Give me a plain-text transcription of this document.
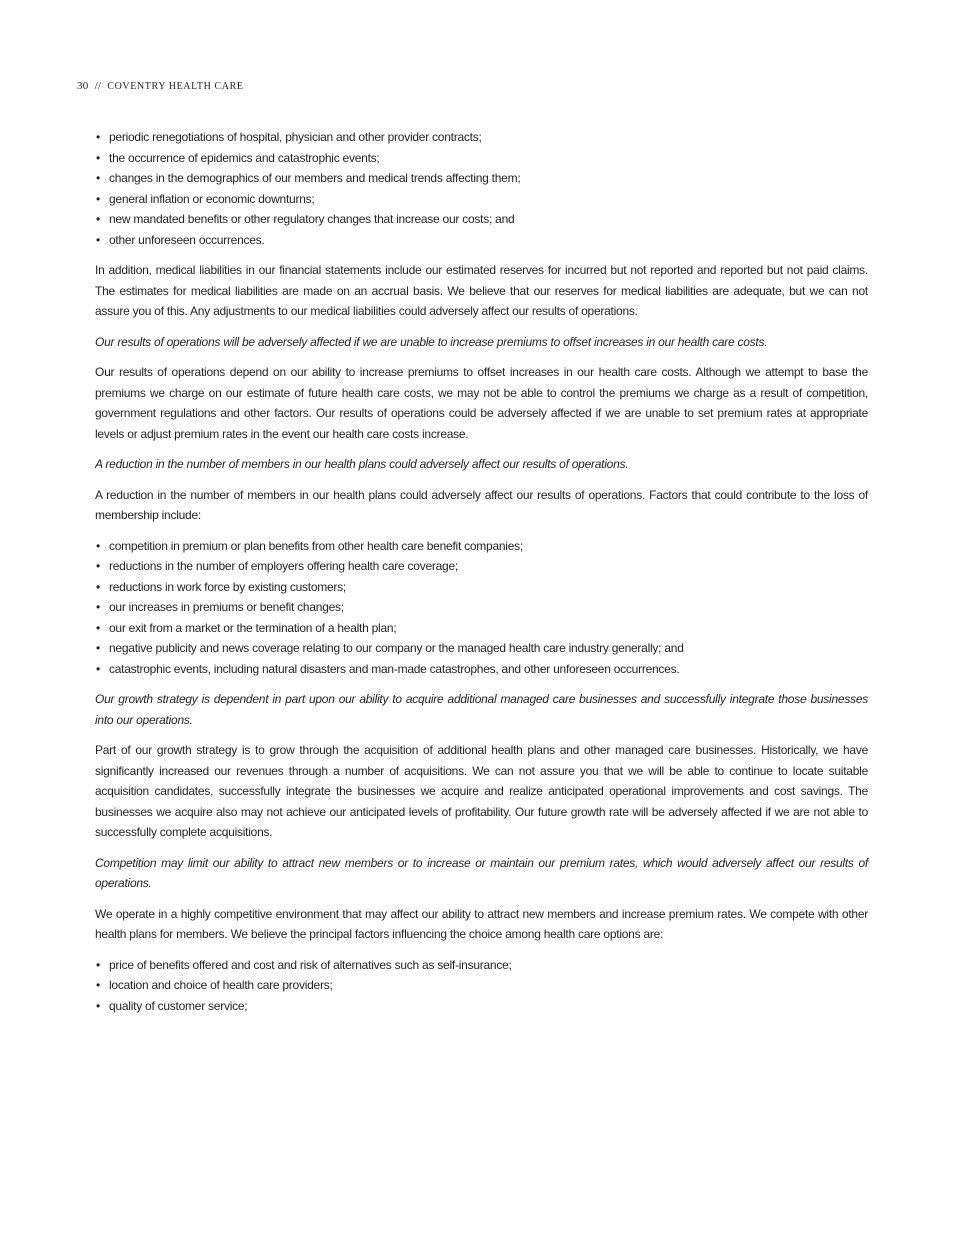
30 // COVENTRY HEALTH CARE
• periodic renegotiations of hospital, physician and other provider contracts;
• the occurrence of epidemics and catastrophic events;
• changes in the demographics of our members and medical trends affecting them;
• general inflation or economic downturns;
• new mandated benefits or other regulatory changes that increase our costs; and
• other unforeseen occurrences.

In addition, medical liabilities in our financial statements include our estimated reserves for incurred but not reported and reported but not paid claims. The estimates for medical liabilities are made on an accrual basis. We believe that our reserves for medical liabilities are adequate, but we can not assure you of this. Any adjustments to our medical liabilities could adversely affect our results of operations.

Our results of operations will be adversely affected if we are unable to increase premiums to offset increases in our health care costs.

Our results of operations depend on our ability to increase premiums to offset increases in our health care costs. Although we attempt to base the premiums we charge on our estimate of future health care costs, we may not be able to control the premiums we charge as a result of competition, government regulations and other factors. Our results of operations could be adversely affected if we are unable to set premium rates at appropriate levels or adjust premium rates in the event our health care costs increase.

A reduction in the number of members in our health plans could adversely affect our results of operations.

A reduction in the number of members in our health plans could adversely affect our results of operations. Factors that could contribute to the loss of membership include:

• competition in premium or plan benefits from other health care benefit companies;
• reductions in the number of employers offering health care coverage;
• reductions in work force by existing customers;
• our increases in premiums or benefit changes;
• our exit from a market or the termination of a health plan;
• negative publicity and news coverage relating to our company or the managed health care industry generally; and
• catastrophic events, including natural disasters and man-made catastrophes, and other unforeseen occurrences.

Our growth strategy is dependent in part upon our ability to acquire additional managed care businesses and successfully integrate those businesses into our operations.

Part of our growth strategy is to grow through the acquisition of additional health plans and other managed care businesses. Historically, we have significantly increased our revenues through a number of acquisitions. We can not assure you that we will be able to continue to locate suitable acquisition candidates, successfully integrate the businesses we acquire and realize anticipated operational improvements and cost savings. The businesses we acquire also may not achieve our anticipated levels of profitability. Our future growth rate will be adversely affected if we are not able to successfully complete acquisitions.

Competition may limit our ability to attract new members or to increase or maintain our premium rates, which would adversely affect our results of operations.

We operate in a highly competitive environment that may affect our ability to attract new members and increase premium rates. We compete with other health plans for members. We believe the principal factors influencing the choice among health care options are:

• price of benefits offered and cost and risk of alternatives such as self-insurance;
• location and choice of health care providers;
• quality of customer service;
